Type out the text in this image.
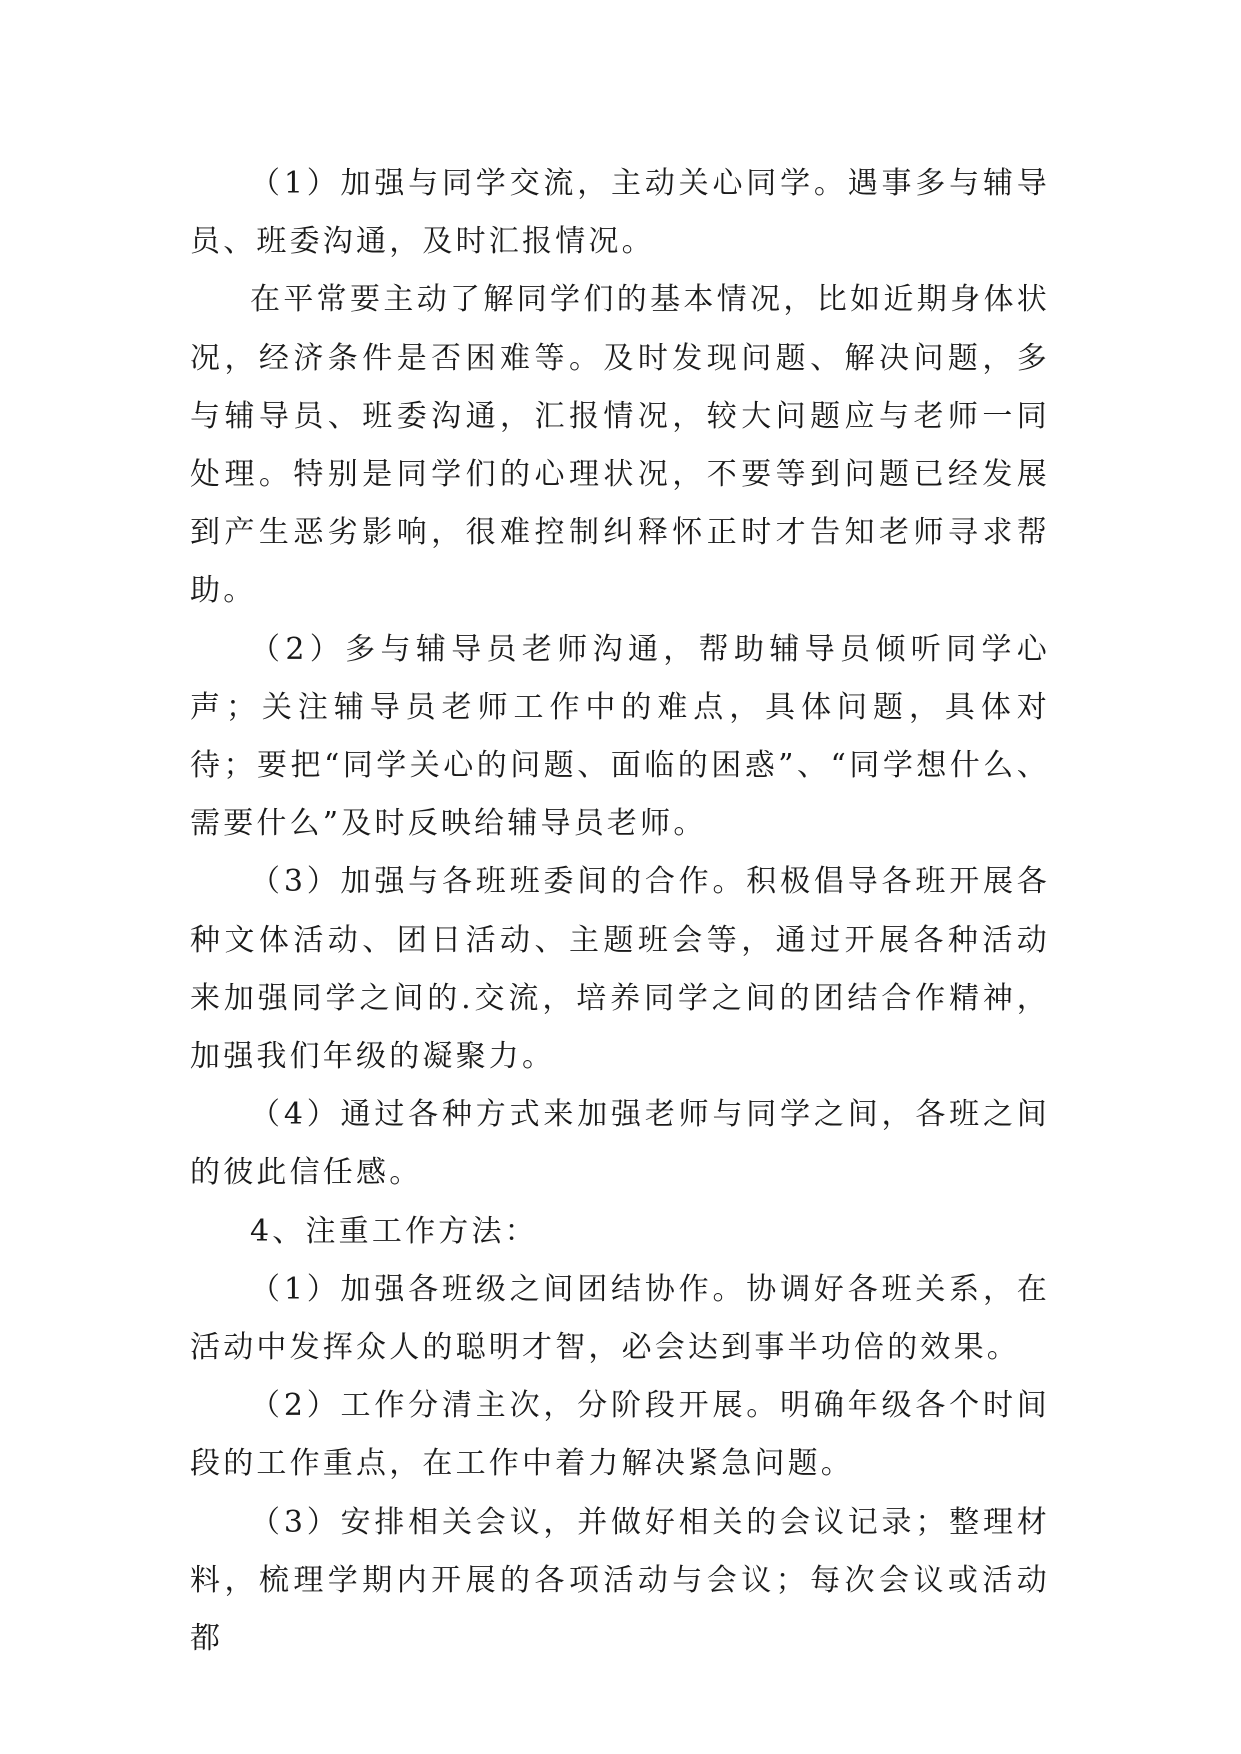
（1）加强与同学交流，主动关心同学。遇事多与辅导员、班委沟通，及时汇报情况。

在平常要主动了解同学们的基本情况，比如近期身体状况，经济条件是否困难等。及时发现问题、解决问题，多与辅导员、班委沟通，汇报情况，较大问题应与老师一同处理。特别是同学们的心理状况，不要等到问题已经发展到产生恶劣影响，很难控制纠释怀正时才告知老师寻求帮助。

（2）多与辅导员老师沟通，帮助辅导员倾听同学心声；关注辅导员老师工作中的难点，具体问题，具体对待；要把“同学关心的问题、面临的困惑”、“同学想什么、需要什么”及时反映给辅导员老师。

（3）加强与各班班委间的合作。积极倡导各班开展各种文体活动、团日活动、主题班会等，通过开展各种活动来加强同学之间的.交流，培养同学之间的团结合作精神，加强我们年级的凝聚力。

（4）通过各种方式来加强老师与同学之间，各班之间的彼此信任感。

4、注重工作方法：

（1）加强各班级之间团结协作。协调好各班关系，在活动中发挥众人的聪明才智，必会达到事半功倍的效果。

（2）工作分清主次，分阶段开展。明确年级各个时间段的工作重点，在工作中着力解决紧急问题。

（3）安排相关会议，并做好相关的会议记录；整理材料，梳理学期内开展的各项活动与会议；每次会议或活动都
